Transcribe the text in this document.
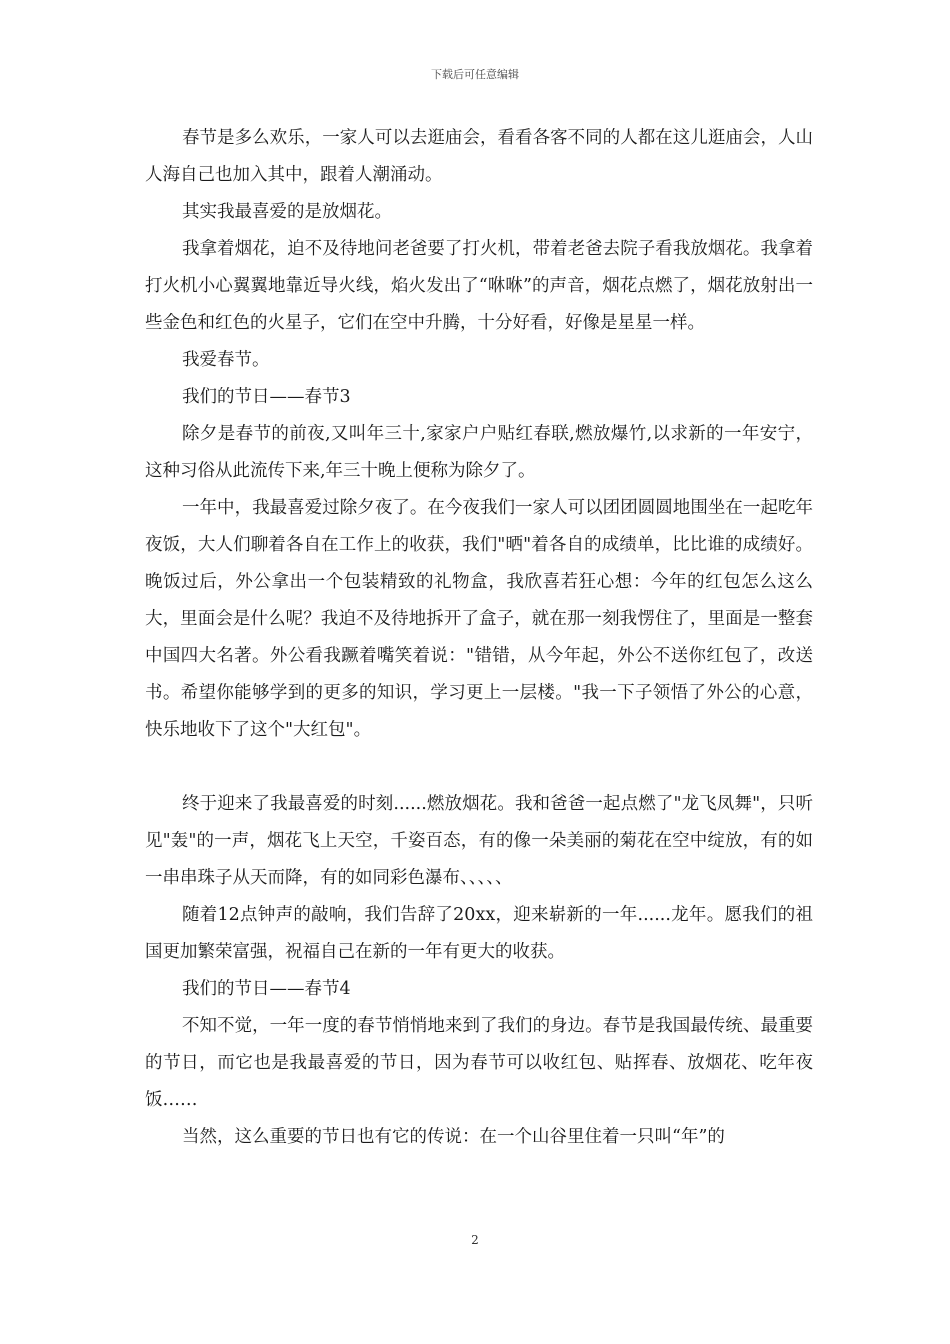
下载后可任意编辑

春节是多么欢乐，一家人可以去逛庙会，看看各客不同的人都在这儿逛庙会，人山人海自己也加入其中，跟着人潮涌动。

其实我最喜爱的是放烟花。

我拿着烟花，迫不及待地问老爸要了打火机，带着老爸去院子看我放烟花。我拿着打火机小心翼翼地靠近导火线，焰火发出了“咻咻”的声音，烟花点燃了，烟花放射出一些金色和红色的火星子，它们在空中升腾，十分好看，好像是星星一样。

我爱春节。

我们的节日——春节3

除夕是春节的前夜,又叫年三十,家家户户贴红春联,燃放爆竹,以求新的一年安宁，这种习俗从此流传下来,年三十晚上便称为除夕了。

一年中，我最喜爱过除夕夜了。在今夜我们一家人可以团团圆圆地围坐在一起吃年夜饭，大人们聊着各自在工作上的收获，我们"晒"着各自的成绩单，比比谁的成绩好。晚饭过后，外公拿出一个包装精致的礼物盒，我欣喜若狂心想：今年的红包怎么这么大，里面会是什么呢？我迫不及待地拆开了盒子，就在那一刻我愣住了，里面是一整套中国四大名著。外公看我蹶着嘴笑着说："错错，从今年起，外公不送你红包了，改送书。希望你能够学到的更多的知识，学习更上一层楼。"我一下子领悟了外公的心意，快乐地收下了这个"大红包"。

终于迎来了我最喜爱的时刻......燃放烟花。我和爸爸一起点燃了"龙飞凤舞"，只听见"轰"的一声，烟花飞上天空，千姿百态，有的像一朵美丽的菊花在空中绽放，有的如一串串珠子从天而降，有的如同彩色瀑布、、、、、

随着12点钟声的敲响，我们告辞了20xx，迎来崭新的一年......龙年。愿我们的祖国更加繁荣富强，祝福自己在新的一年有更大的收获。

我们的节日——春节4

不知不觉，一年一度的春节悄悄地来到了我们的身边。春节是我国最传统、最重要的节日，而它也是我最喜爱的节日，因为春节可以收红包、贴挥春、放烟花、吃年夜饭……

当然，这么重要的节日也有它的传说：在一个山谷里住着一只叫“年”的

2
